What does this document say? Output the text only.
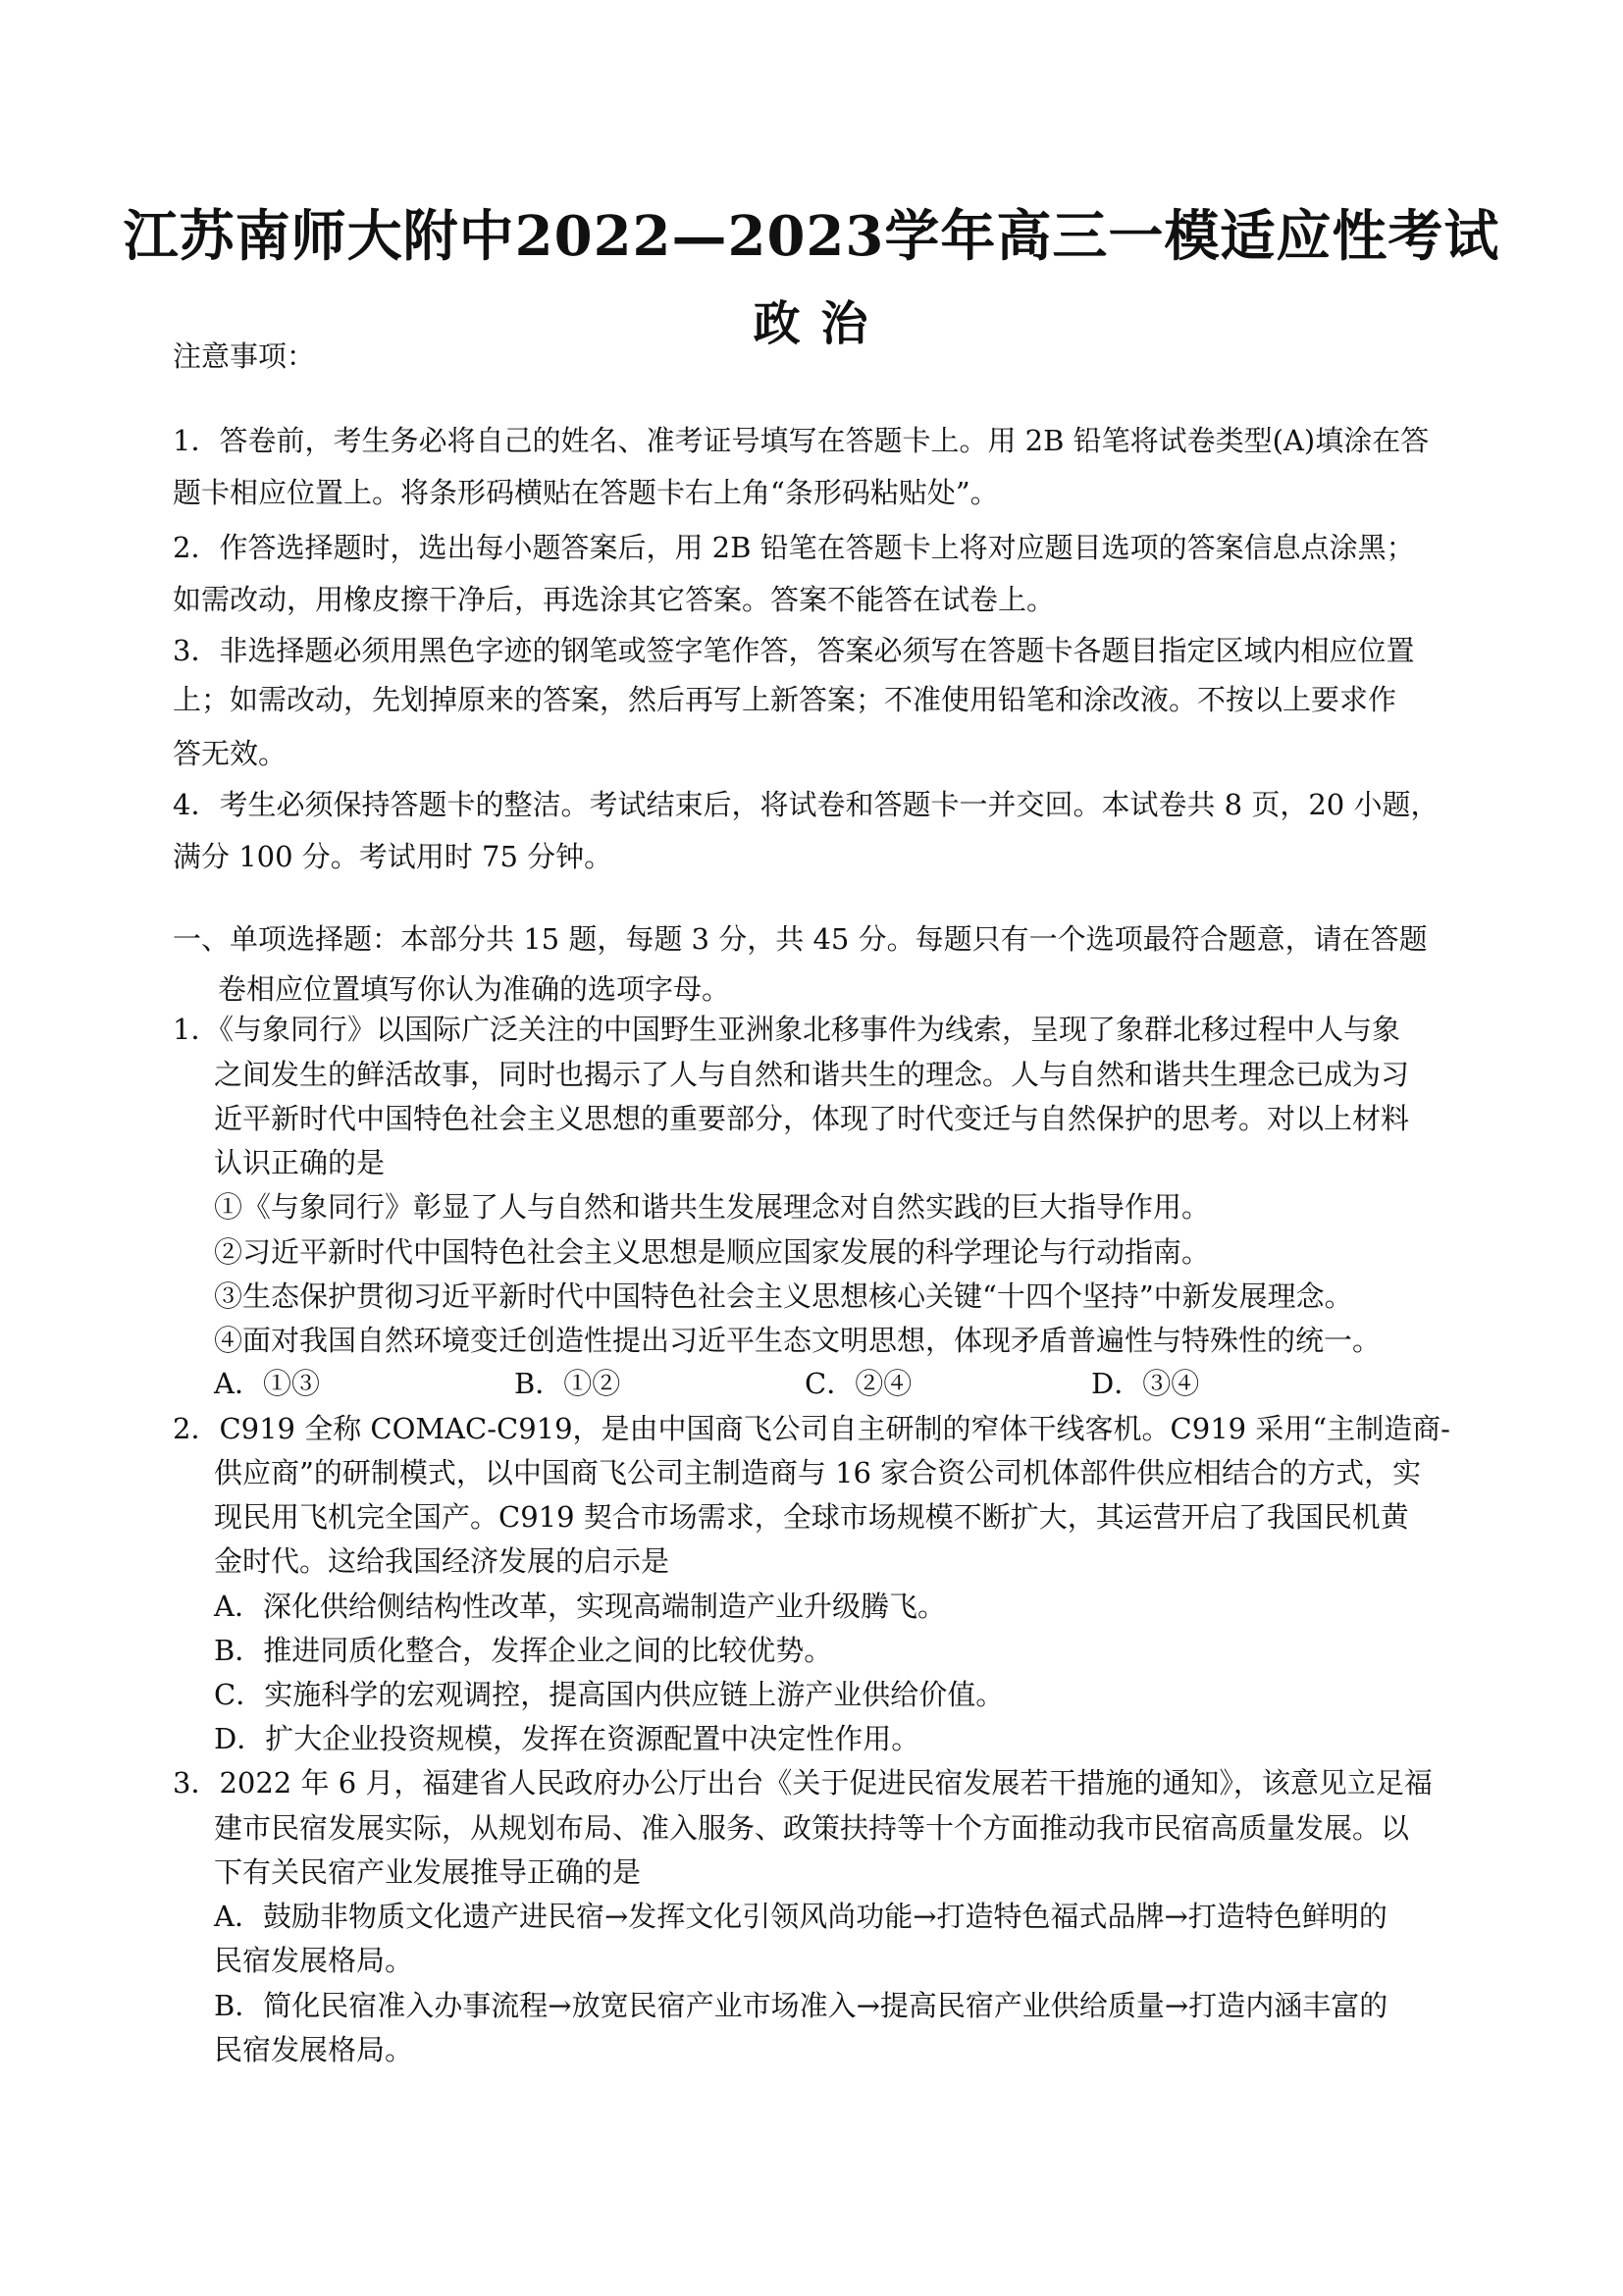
江苏南师大附中2022—2023学年高三一模适应性考试
政 治
注意事项：
1．答卷前，考生务必将自己的姓名、准考证号填写在答题卡上。用 2B 铅笔将试卷类型(A)填涂在答
题卡相应位置上。将条形码横贴在答题卡右上角“条形码粘贴处”。
2．作答选择题时，选出每小题答案后，用 2B 铅笔在答题卡上将对应题目选项的答案信息点涂黑；
如需改动，用橡皮擦干净后，再选涂其它答案。答案不能答在试卷上。
3．非选择题必须用黑色字迹的钢笔或签字笔作答，答案必须写在答题卡各题目指定区域内相应位置
上；如需改动，先划掉原来的答案，然后再写上新答案；不准使用铅笔和涂改液。不按以上要求作
答无效。
4．考生必须保持答题卡的整洁。考试结束后，将试卷和答题卡一并交回。本试卷共 8 页，20 小题，
满分 100 分。考试用时 75 分钟。
一、单项选择题：本部分共 15 题，每题 3 分，共 45 分。每题只有一个选项最符合题意，请在答题
卷相应位置填写你认为准确的选项字母。
1．《与象同行》以国际广泛关注的中国野生亚洲象北移事件为线索，呈现了象群北移过程中人与象
之间发生的鲜活故事，同时也揭示了人与自然和谐共生的理念。人与自然和谐共生理念已成为习
近平新时代中国特色社会主义思想的重要部分，体现了时代变迁与自然保护的思考。对以上材料
认识正确的是
①《与象同行》彰显了人与自然和谐共生发展理念对自然实践的巨大指导作用。
②习近平新时代中国特色社会主义思想是顺应国家发展的科学理论与行动指南。
③生态保护贯彻习近平新时代中国特色社会主义思想核心关键“十四个坚持”中新发展理念。
④面对我国自然环境变迁创造性提出习近平生态文明思想，体现矛盾普遍性与特殊性的统一。
A．①③	B．①②	C．②④	D．③④
2．C919 全称 COMAC-C919，是由中国商飞公司自主研制的窄体干线客机。C919 采用“主制造商-
供应商”的研制模式，以中国商飞公司主制造商与 16 家合资公司机体部件供应相结合的方式，实
现民用飞机完全国产。C919 契合市场需求，全球市场规模不断扩大，其运营开启了我国民机黄
金时代。这给我国经济发展的启示是
A．深化供给侧结构性改革，实现高端制造产业升级腾飞。
B．推进同质化整合，发挥企业之间的比较优势。
C．实施科学的宏观调控，提高国内供应链上游产业供给价值。
D．扩大企业投资规模，发挥在资源配置中决定性作用。
3．2022 年 6 月，福建省人民政府办公厅出台《关于促进民宿发展若干措施的通知》，该意见立足福
建市民宿发展实际，从规划布局、准入服务、政策扶持等十个方面推动我市民宿高质量发展。以
下有关民宿产业发展推导正确的是
A．鼓励非物质文化遗产进民宿→发挥文化引领风尚功能→打造特色福式品牌→打造特色鲜明的
民宿发展格局。
B．简化民宿准入办事流程→放宽民宿产业市场准入→提高民宿产业供给质量→打造内涵丰富的
民宿发展格局。
